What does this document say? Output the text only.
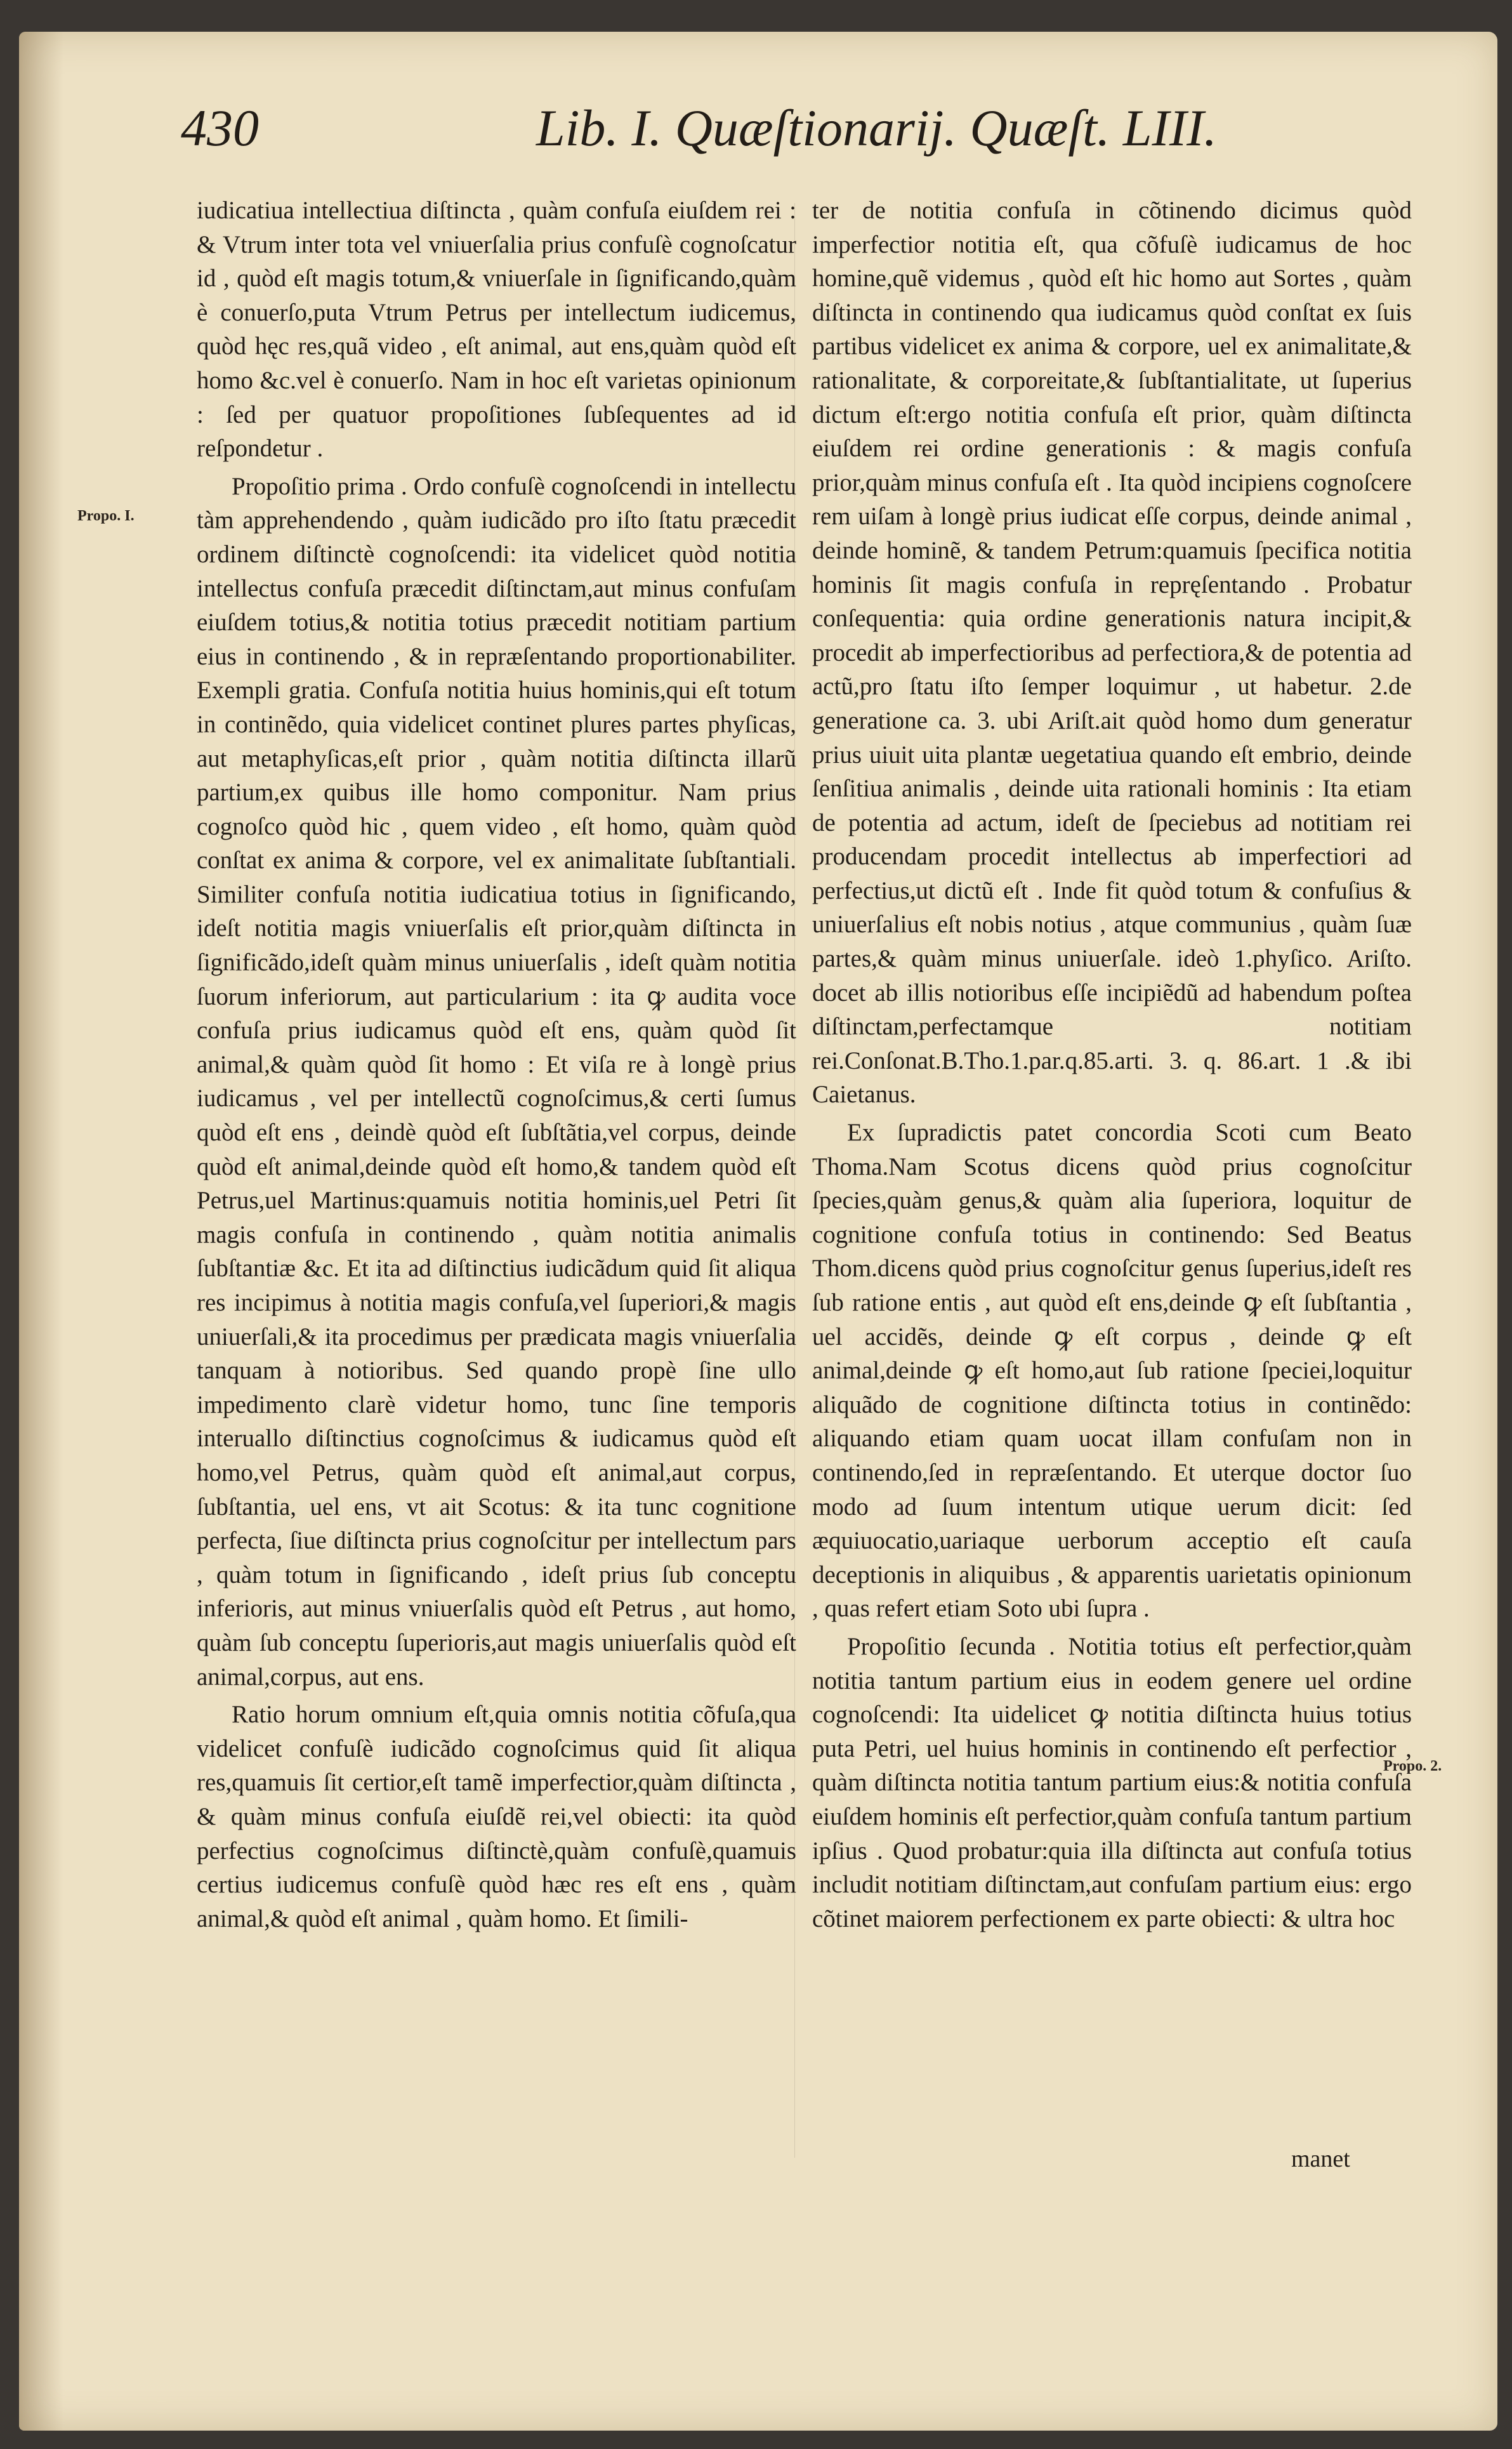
430	Lib. I. Quæſtionarij. Quæſt. LIII.
Propo. I.
Propo. 2.

iudicatiua intellectiua diſtincta , quàm confuſa eiuſdem rei : & Vtrum inter tota vel vniuerſalia prius confuſè cognoſcatur id , quòd eſt magis totum,& vniuerſale in ſignificando,quàm è conuerſo,puta Vtrum Petrus per intellectum iudicemus, quòd hęc res,quã video , eſt animal, aut ens,quàm quòd eſt homo &c.vel è conuerſo. Nam in hoc eſt varietas opinionum : ſed per quatuor propoſitiones ſubſequentes ad id reſpondetur .

Propoſitio prima . Ordo confuſè cognoſcendi in intellectu tàm apprehendendo , quàm iudicãdo pro iſto ſtatu præcedit ordinem diſtinctè cognoſcendi: ita videlicet quòd notitia intellectus confuſa præcedit diſtinctam,aut minus confuſam eiuſdem totius,& notitia totius præcedit notitiam partium eius in continendo , & in repræſentando proportionabiliter. Exempli gratia. Confuſa notitia huius hominis,qui eſt totum in continẽdo, quia videlicet continet plures partes phyſicas, aut metaphyſicas,eſt prior , quàm notitia diſtincta illarũ partium,ex quibus ille homo componitur. Nam prius cognoſco quòd hic , quem video , eſt homo, quàm quòd conſtat ex anima & corpore, vel ex animalitate ſubſtantiali. Similiter confuſa notitia iudicatiua totius in ſignificando, ideſt notitia magis vniuerſalis eſt prior,quàm diſtincta in ſignificãdo,ideſt quàm minus uniuerſalis , ideſt quàm notitia ſuorum inferiorum, aut particularium : ita ꝙ audita voce confuſa prius iudicamus quòd eſt ens, quàm quòd ſit animal,& quàm quòd ſit homo : Et viſa re à longè prius iudicamus , vel per intellectũ cognoſcimus,& certi ſumus quòd eſt ens , deindè quòd eſt ſubſtãtia,vel corpus, deinde quòd eſt animal,deinde quòd eſt homo,& tandem quòd eſt Petrus,uel Martinus:quamuis notitia hominis,uel Petri ſit magis confuſa in continendo , quàm notitia animalis ſubſtantiæ &c. Et ita ad diſtinctius iudicãdum quid ſit aliqua res incipimus à notitia magis confuſa,vel ſuperiori,& magis uniuerſali,& ita procedimus per prædicata magis vniuerſalia tanquam à notioribus. Sed quando propè ſine ullo impedimento clarè videtur homo, tunc ſine temporis interuallo diſtinctius cognoſcimus & iudicamus quòd eſt homo,vel Petrus, quàm quòd eſt animal,aut corpus, ſubſtantia, uel ens, vt ait Scotus: & ita tunc cognitione perfecta, ſiue diſtincta prius cognoſcitur per intellectum pars , quàm totum in ſignificando , ideſt prius ſub conceptu inferioris, aut minus vniuerſalis quòd eſt Petrus , aut homo, quàm ſub conceptu ſuperioris,aut magis uniuerſalis quòd eſt animal,corpus, aut ens.

Ratio horum omnium eſt,quia omnis notitia cõfuſa,qua videlicet confuſè iudicãdo cognoſcimus quid ſit aliqua res,quamuis ſit certior,eſt tamẽ imperfectior,quàm diſtincta , & quàm minus confuſa eiuſdẽ rei,vel obiecti: ita quòd perfectius cognoſcimus diſtinctè,quàm confuſè,quamuis certius iudicemus confuſè quòd hæc res eſt ens , quàm animal,& quòd eſt animal , quàm homo. Et ſimili-

ter de notitia confuſa in cõtinendo dicimus quòd imperfectior notitia eſt, qua cõfuſè iudicamus de hoc homine,quẽ videmus , quòd eſt hic homo aut Sortes , quàm diſtincta in continendo qua iudicamus quòd conſtat ex ſuis partibus videlicet ex anima & corpore, uel ex animalitate,& rationalitate, & corporeitate,& ſubſtantialitate, ut ſuperius dictum eſt:ergo notitia confuſa eſt prior, quàm diſtincta eiuſdem rei ordine generationis : & magis confuſa prior,quàm minus confuſa eſt . Ita quòd incipiens cognoſcere rem uiſam à longè prius iudicat eſſe corpus, deinde animal , deinde hominẽ, & tandem Petrum:quamuis ſpecifica notitia hominis ſit magis confuſa in repręſentando . Probatur conſequentia: quia ordine generationis natura incipit,& procedit ab imperfectioribus ad perfectiora,& de potentia ad actũ,pro ſtatu iſto ſemper loquimur , ut habetur. 2.de generatione ca. 3. ubi Ariſt.ait quòd homo dum generatur prius uiuit uita plantæ uegetatiua quando eſt embrio, deinde ſenſitiua animalis , deinde uita rationali hominis : Ita etiam de potentia ad actum, ideſt de ſpeciebus ad notitiam rei producendam procedit intellectus ab imperfectiori ad perfectius,ut dictũ eſt . Inde fit quòd totum & confuſius & uniuerſalius eſt nobis notius , atque communius , quàm ſuæ partes,& quàm minus uniuerſale. ideò 1.phyſico. Ariſto. docet ab illis notioribus eſſe incipiẽdũ ad habendum poſtea diſtinctam,perfectamque notitiam rei.Conſonat.B.Tho.1.par.q.85.arti. 3. q. 86.art. 1 .& ibi Caietanus.

Ex ſupradictis patet concordia Scoti cum Beato Thoma.Nam Scotus dicens quòd prius cognoſcitur ſpecies,quàm genus,& quàm alia ſuperiora, loquitur de cognitione confuſa totius in continendo: Sed Beatus Thom.dicens quòd prius cognoſcitur genus ſuperius,ideſt res ſub ratione entis , aut quòd eſt ens,deinde ꝙ eſt ſubſtantia , uel accidẽs, deinde ꝙ eſt corpus , deinde ꝙ eſt animal,deinde ꝙ eſt homo,aut ſub ratione ſpeciei,loquitur aliquãdo de cognitione diſtincta totius in continẽdo: aliquando etiam quam uocat illam confuſam non in continendo,ſed in repræſentando. Et uterque doctor ſuo modo ad ſuum intentum utique uerum dicit: ſed æquiuocatio,uariaque uerborum acceptio eſt cauſa deceptionis in aliquibus , & apparentis uarietatis opinionum , quas refert etiam Soto ubi ſupra .

Propoſitio ſecunda . Notitia totius eſt perfectior,quàm notitia tantum partium eius in eodem genere uel ordine cognoſcendi: Ita uidelicet ꝙ notitia diſtincta huius totius puta Petri, uel huius hominis in continendo eſt perfectior , quàm diſtincta notitia tantum partium eius:& notitia confuſa eiuſdem hominis eſt perfectior,quàm confuſa tantum partium ipſius . Quod probatur:quia illa diſtincta aut confuſa totius includit notitiam diſtinctam,aut confuſam partium eius: ergo cõtinet maiorem perfectionem ex parte obiecti: & ultra hoc

manet
